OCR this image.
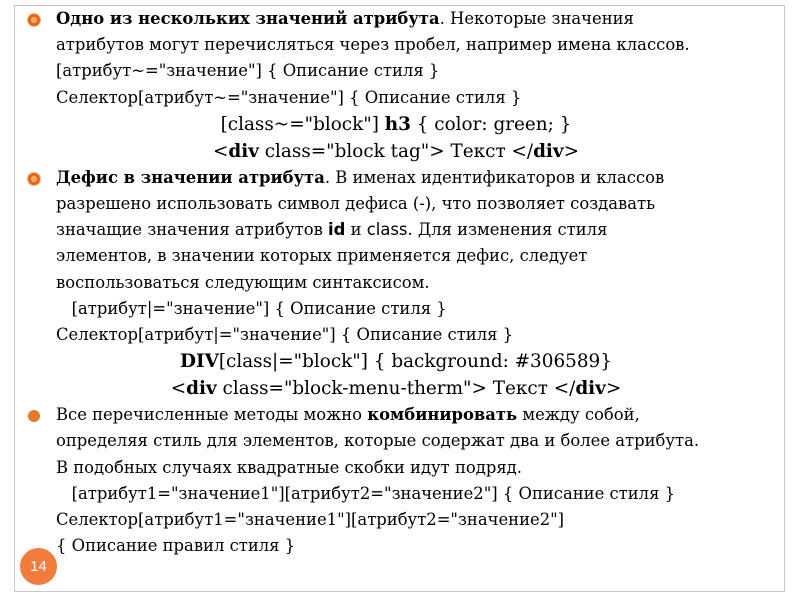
Одно из нескольких значений атрибута. Некоторые значения
атрибутов могут перечисляться через пробел, например имена классов.
[атрибут~="значение"] { Описание стиля }
Селектор[атрибут~="значение"] { Описание стиля }
[class~="block"] h3 { color: green; }
<div class="block tag"> Текст </div>
Дефис в значении атрибута. В именах идентификаторов и классов
разрешено использовать символ дефиса (-), что позволяет создавать
значащие значения атрибутов id и class. Для изменения стиля
элементов, в значении которых применяется дефис, следует
воспользоваться следующим синтаксисом.
[атрибут|="значение"] { Описание стиля }
Селектор[атрибут|="значение"] { Описание стиля }
DIV[class|="block"] { background: #306589}
<div class="block-menu-therm"> Текст </div>
Все перечисленные методы можно комбинировать между собой,
определяя стиль для элементов, которые содержат два и более атрибута.
В подобных случаях квадратные скобки идут подряд.
[атрибут1="значение1"][атрибут2="значение2"] { Описание стиля }
Селектор[атрибут1="значение1"][атрибут2="значение2"]
{ Описание правил стиля }
14
